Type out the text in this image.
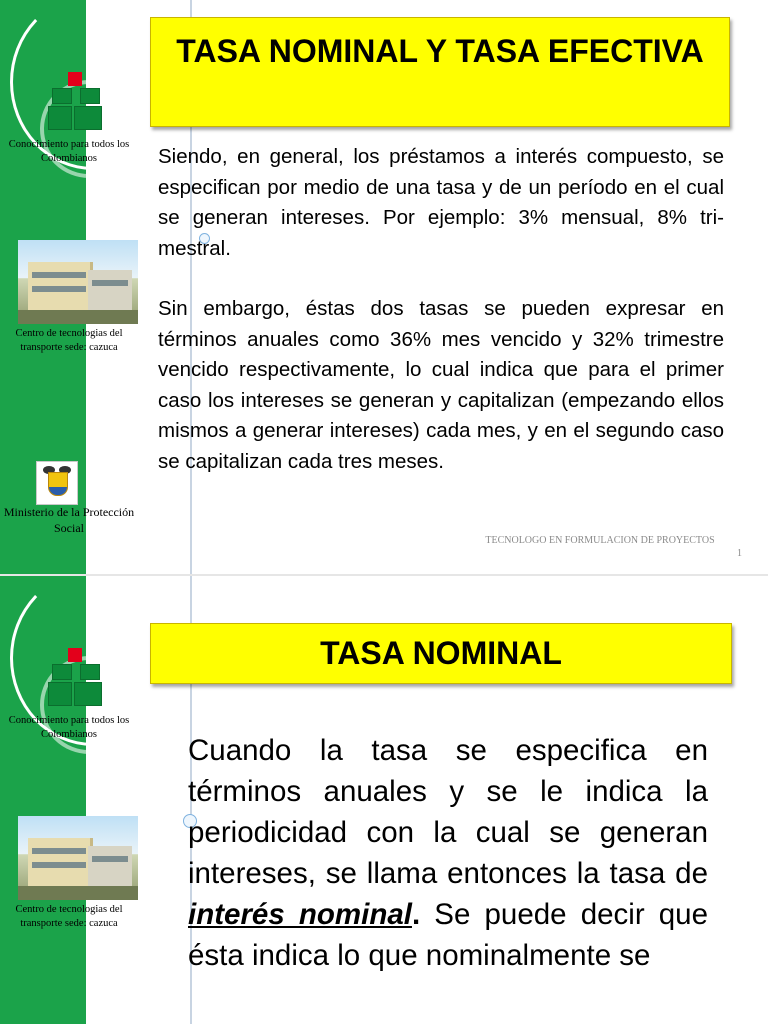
Conocimiento para todos los Colombianos
Centro de tecnologias del transporte sede: cazuca
Ministerio de la Protección Social
TASA NOMINAL Y TASA EFECTIVA

Siendo, en general, los préstamos a interés compuesto, se especifican por medio de una tasa y de un período en el cual se generan intereses. Por ejemplo: 3% mensual, 8% tri-mestral.

Sin embargo, éstas dos tasas se pueden expresar en términos anuales como 36% mes vencido y 32% trimestre vencido respectivamente, lo cual indica que para el primer caso los intereses se generan y capitalizan (empezando ellos mismos a generar intereses) cada mes, y en el segundo caso se capitalizan cada tres meses.

TECNOLOGO EN FORMULACION DE PROYECTOS
1
Conocimiento para todos los Colombianos
Centro de tecnologias del transporte sede: cazuca
TASA NOMINAL

Cuando la tasa se especifica en términos anuales y se le indica la periodicidad con la cual se generan intereses, se llama entonces la tasa de interés nominal. Se puede decir que ésta indica lo que nominalmente se
